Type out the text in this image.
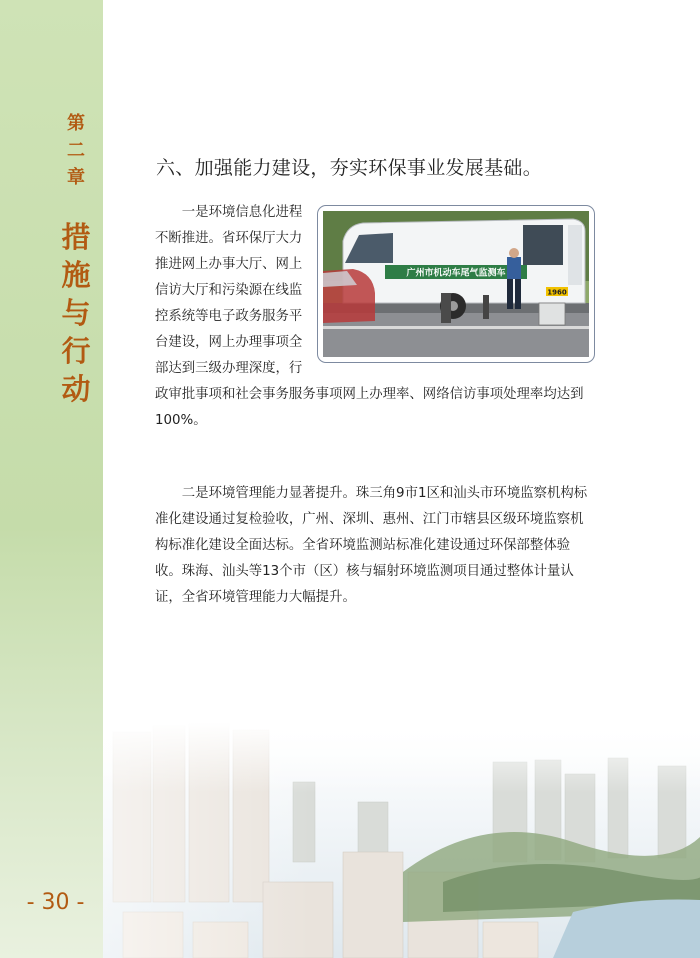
第二章
措施与行动
- 30 -
六、加强能力建设，夯实环保事业发展基础。
广州市机动车尾气监测车
1960
一是环境信息化进程不断推进。省环保厅大力推进网上办事大厅、网上信访大厅和污染源在线监控系统等电子政务服务平台建设，网上办理事项全部达到三级办理深度，行政审批事项和社会事务服务事项网上办理率、网络信访事项处理率均达到100%。
二是环境管理能力显著提升。珠三角9市1区和汕头市环境监察机构标准化建设通过复检验收，广州、深圳、惠州、江门市辖县区级环境监察机构标准化建设全面达标。全省环境监测站标准化建设通过环保部整体验收。珠海、汕头等13个市（区）核与辐射环境监测项目通过整体计量认证，全省环境管理能力大幅提升。
